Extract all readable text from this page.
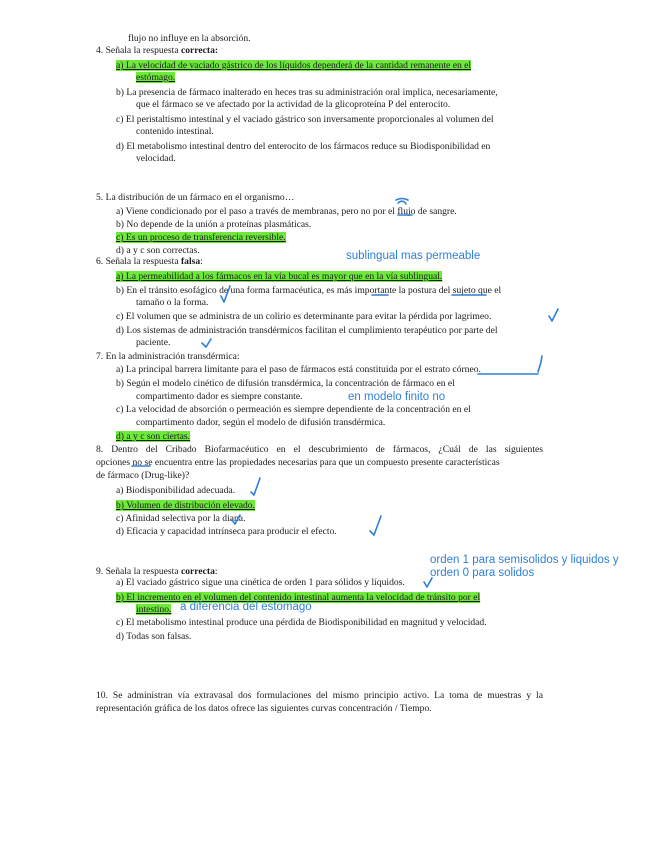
flujo no influye en la absorción.
4. Señala la respuesta correcta:
a) La velocidad de vaciado gástrico de los líquidos dependerá de la cantidad remanente en el
estómago.
b) La presencia de fármaco inalterado en heces tras su administración oral implica, necesariamente,
que el fármaco se ve afectado por la actividad de la glicoproteína P del enterocito.
c) El peristaltismo intestinal y el vaciado gástrico son inversamente proporcionales al volumen del
contenido intestinal.
d) El metabolismo intestinal dentro del enterocito de los fármacos reduce su Biodisponibilidad en
velocidad.
5. La distribución de un fármaco en el organismo…
a) Viene condicionado por el paso a través de membranas, pero no por el flujo de sangre.
b) No depende de la unión a proteínas plasmáticas.
c) Es un proceso de transferencia reversible.
d) a y c son correctas.
6. Señala la respuesta falsa:	sublingual mas permeable
a) La permeabilidad a los fármacos en la vía bucal es mayor que en la vía sublingual.
b) En el tránsito esofágico de una forma farmacéutica, es más importante la postura del sujeto que el
tamaño o la forma.
c) El volumen que se administra de un colirio es determinante para evitar la pérdida por lagrimeo.
d) Los sistemas de administración transdérmicos facilitan el cumplimiento terapéutico por parte del
paciente.
7. En la administración transdérmica:
a) La principal barrera limitante para el paso de fármacos está constituida por el estrato córneo.
b) Según el modelo cinético de difusión transdérmica, la concentración de fármaco en el
compartimento dador es siempre constante.	en modelo finito no
c) La velocidad de absorción o permeación es siempre dependiente de la concentración en el
compartimento dador, según el modelo de difusión transdérmica.
d) a y c son ciertas.
8. Dentro del Cribado Biofarmacéutico en el descubrimiento de fármacos, ¿Cuál de las siguientes
opciones no se encuentra entre las propiedades necesarias para que un compuesto presente características
de fármaco (Drug-like)?
a) Biodisponibilidad adecuada.
b) Volumen de distribución elevado.
c) Afinidad selectiva por la diana.
d) Eficacia y capacidad intrínseca para producir el efecto.
orden 1 para semisolidos y liquidos y
orden 0 para solidos
9. Señala la respuesta correcta:
a) El vaciado gástrico sigue una cinética de orden 1 para sólidos y líquidos.
b) El incremento en el volumen del contenido intestinal aumenta la velocidad de tránsito por el
intestino. a diferencia del estomago
c) El metabolismo intestinal produce una pérdida de Biodisponibilidad en magnitud y velocidad.
d) Todas son falsas.
10. Se administran vía extravasal dos formulaciones del mismo principio activo. La toma de muestras y la
representación gráfica de los datos ofrece las siguientes curvas concentración / Tiempo.
